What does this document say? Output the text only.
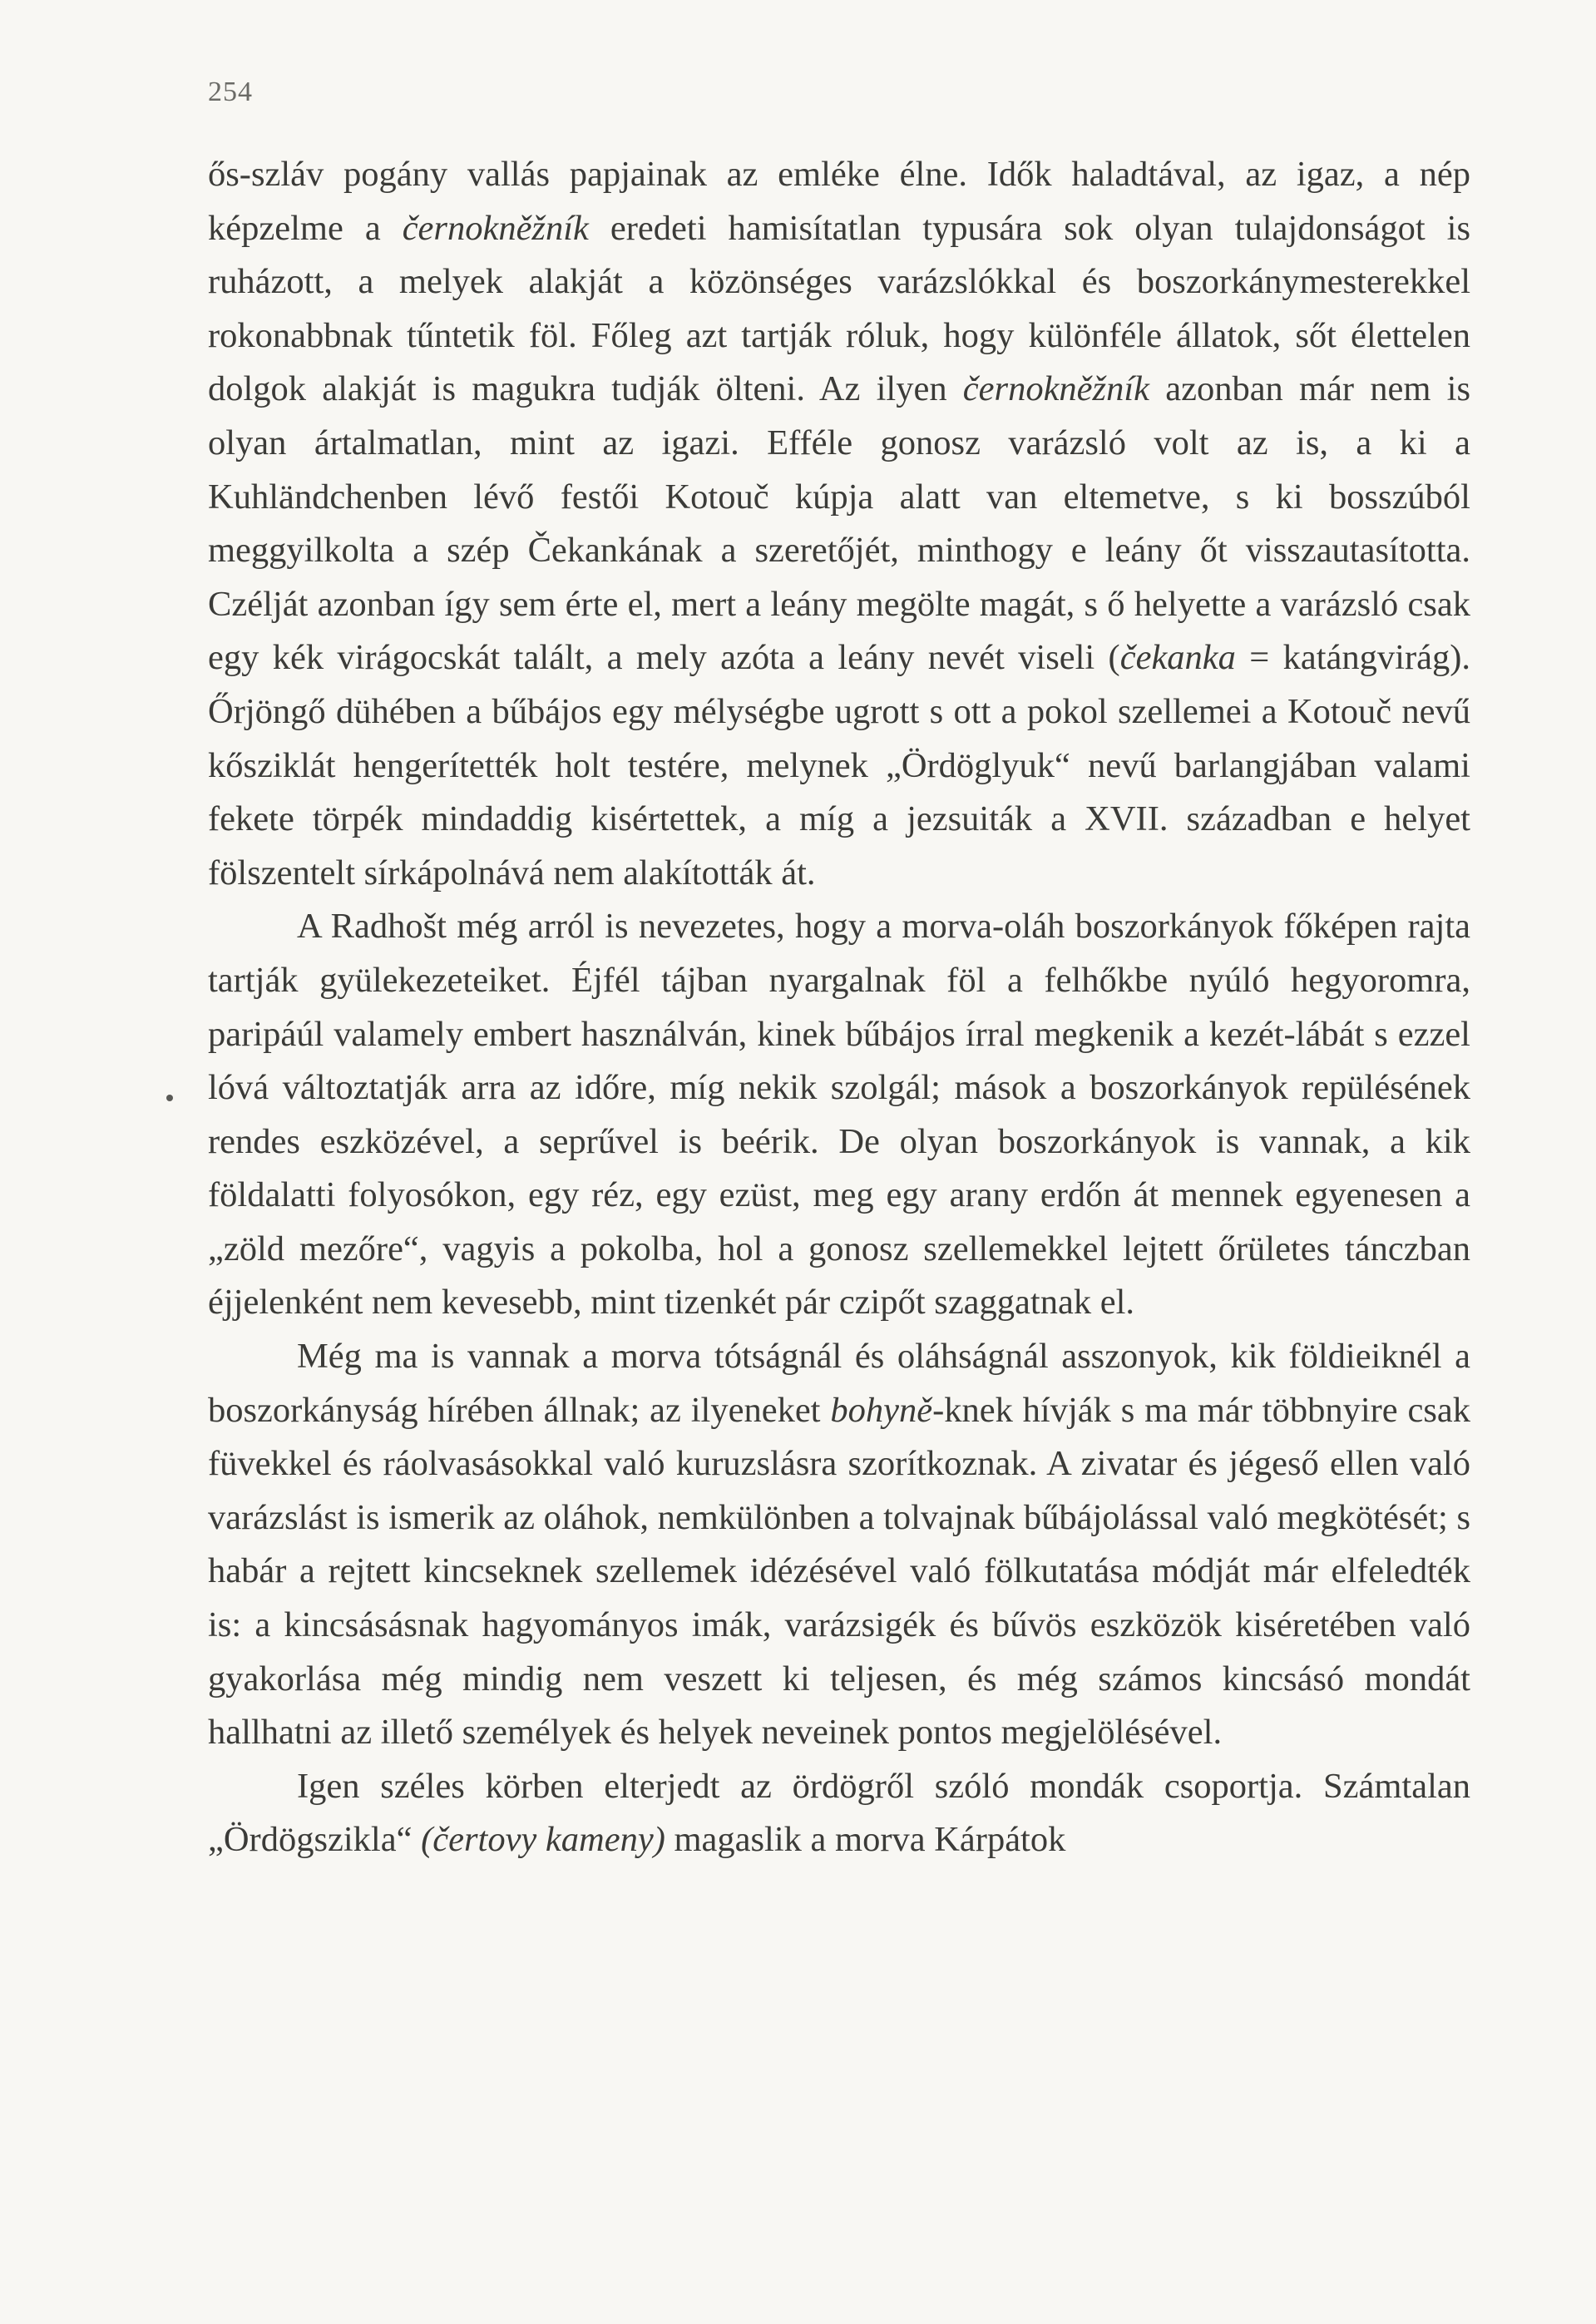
254

ős-szláv pogány vallás papjainak az emléke élne. Idők haladtával, az igaz, a nép képzelme a černokněžník eredeti hamisítatlan typusára sok olyan tulajdonságot is ruházott, a melyek alakját a közönséges varázslókkal és boszorkánymesterekkel rokonabbnak tűntetik föl. Főleg azt tartják róluk, hogy különféle állatok, sőt élettelen dolgok alakját is magukra tudják ölteni. Az ilyen černokněžník azonban már nem is olyan ártalmatlan, mint az igazi. Efféle gonosz varázsló volt az is, a ki a Kuhländchenben lévő festői Kotouč kúpja alatt van eltemetve, s ki bosszúból meggyilkolta a szép Čekankának a szeretőjét, minthogy e leány őt visszautasította. Czélját azonban így sem érte el, mert a leány megölte magát, s ő helyette a varázsló csak egy kék virágocskát talált, a mely azóta a leány nevét viseli (čekanka = katángvirág). Őrjöngő dühében a bűbájos egy mélységbe ugrott s ott a pokol szellemei a Kotouč nevű kősziklát hengerítették holt testére, melynek „Ördöglyuk“ nevű barlangjában valami fekete törpék mindaddig kisértettek, a míg a jezsuiták a XVII. században e helyet fölszentelt sírkápolnává nem alakították át.

A Radhošt még arról is nevezetes, hogy a morva-oláh boszorkányok főképen rajta tartják gyülekezeteiket. Éjfél tájban nyargalnak föl a felhőkbe nyúló hegyoromra, paripáúl valamely embert használván, kinek bűbájos írral megkenik a kezét-lábát s ezzel lóvá változtatják arra az időre, míg nekik szolgál; mások a boszorkányok repülésének rendes eszközével, a seprűvel is beérik. De olyan boszorkányok is vannak, a kik földalatti folyosókon, egy réz, egy ezüst, meg egy arany erdőn át mennek egyenesen a „zöld mezőre“, vagyis a pokolba, hol a gonosz szellemekkel lejtett őrületes tánczban éjjelenként nem kevesebb, mint tizenkét pár czipőt szaggatnak el.

Még ma is vannak a morva tótságnál és oláhságnál asszonyok, kik földieiknél a boszorkányság hírében állnak; az ilyeneket bohyně-knek hívják s ma már többnyire csak füvekkel és ráolvasásokkal való kuruzslásra szorítkoznak. A zivatar és jégeső ellen való varázslást is ismerik az oláhok, nemkülönben a tolvajnak bűbájolással való megkötését; s habár a rejtett kincseknek szellemek idézésével való fölkutatása módját már elfeledték is: a kincsásásnak hagyományos imák, varázsigék és bűvös eszközök kiséretében való gyakorlása még mindig nem veszett ki teljesen, és még számos kincsásó mondát hallhatni az illető személyek és helyek neveinek pontos megjelölésével.

Igen széles körben elterjedt az ördögről szóló mondák csoportja. Számtalan „Ördögszikla“ (čertovy kameny) magaslik a morva Kárpátok
